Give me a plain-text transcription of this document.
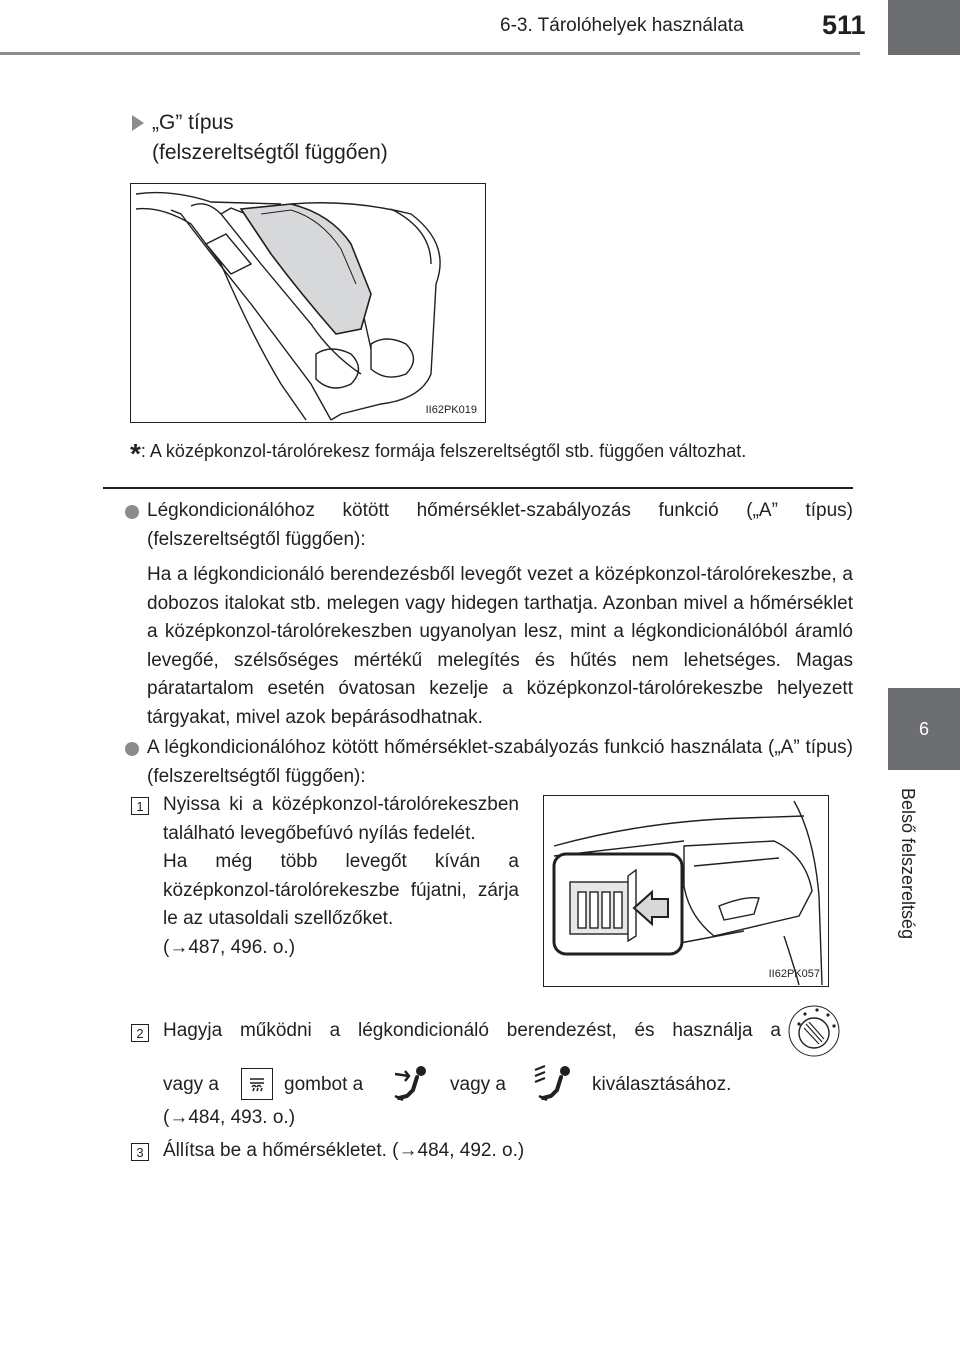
6-3. Tárolóhelyek használata	511
6
Belső felszereltség
„G” típus
(felszereltségtől függően)
II62PK019
*: A középkonzol-tárolórekesz formája felszereltségtől stb. függően változhat.
Légkondicionálóhoz kötött hőmérséklet-szabályozás funkció („A” típus) (felszereltségtől függően):
Ha a légkondicionáló berendezésből levegőt vezet a középkonzol-tárolórekeszbe, a dobozos italokat stb. melegen vagy hidegen tarthatja. Azonban mivel a hőmérséklet a középkonzol-tárolórekeszben ugyanolyan lesz, mint a légkondicionálóból áramló levegőé, szélsőséges mértékű melegítés és hűtés nem lehetséges. Magas páratartalom esetén óvatosan kezelje a középkonzol-tárolórekeszbe helyezett tárgyakat, mivel azok bepárásodhatnak.
A légkondicionálóhoz kötött hőmérséklet-szabályozás funkció használata („A” típus) (felszereltségtől függően):
1 Nyissa ki a középkonzol-tárolórekeszben található levegőbefúvó nyílás fedelét.
Ha még több levegőt kíván a középkonzol-tárolórekeszbe fújatni, zárja le az utasoldali szellőzőket.
(→487, 496. o.)
II62PK057
2 Hagyja működni a légkondicionáló berendezést, és használja a
vagy a	gombot a	vagy a	kiválasztásához.
(→484, 493. o.)
3 Állítsa be a hőmérsékletet. (→484, 492. o.)
